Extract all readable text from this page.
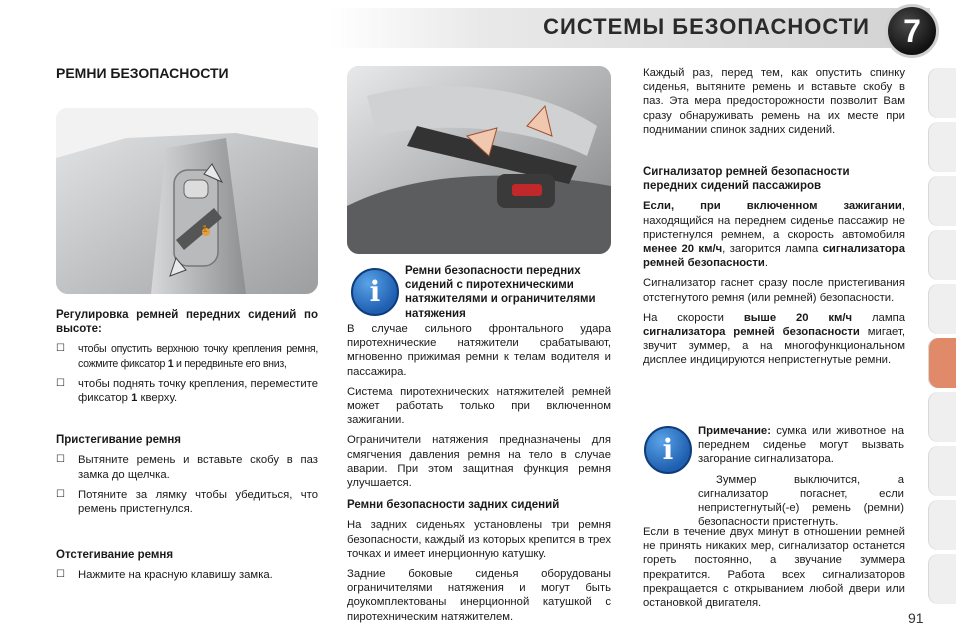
СИСТЕМЫ БЕЗОПАСНОСТИ	7
РЕМНИ БЕЗОПАСНОСТИ
1

Регулировка ремней передних сидений по высоте:

☐ чтобы опустить верхнюю точку крепления ремня, сожмите фиксатор 1 и передвиньте его вниз,
☐ чтобы поднять точку крепления, переместите фиксатор 1 кверху.

Пристегивание ремня

☐ Вытяните ремень и вставьте скобу в паз замка до щелчка.
☐ Потяните за лямку чтобы убедиться, что ремень пристегнулся.

Отстегивание ремня

☐ Нажмите на красную клавишу замка.
i

Ремни безопасности передних сидений с пиротехническими натяжителями и ограничителями натяжения

В случае сильного фронтального удара пиротехнические натяжители срабатывают, мгновенно прижимая ремни к телам водителя и пассажира.

Система пиротехнических натяжителей ремней может работать только при включенном зажигании.

Ограничители натяжения предназначены для смягчения давления ремня на тело в случае аварии. При этом защитная функция ремня улучшается.

Ремни безопасности задних сидений

На задних сиденьях установлены три ремня безопасности, каждый из которых крепится в трех точках и имеет инерционную катушку.

Задние боковые сиденья оборудованы ограничителями натяжения и могут быть доукомплектованы инерционной катушкой с пиротехническим натяжителем.

Каждый раз, перед тем, как опустить спинку сиденья, вытяните ремень и вставьте скобу в паз. Эта мера предосторожности позволит Вам сразу обнаруживать ремень на их месте при поднимании спинок задних сидений.

Сигнализатор ремней безопасности передних сидений пассажиров

Если, при включенном зажигании, находящийся на переднем сиденье пассажир не пристегнулся ремнем, а скорость автомобиля менее 20 км/ч, загорится лампа сигнализатора ремней безопасности.

Сигнализатор гаснет сразу после пристегивания отстегнутого ремня (или ремней) безопасности.

На скорости выше 20 км/ч лампа сигнализатора ремней безопасности мигает, звучит зуммер, а на многофункциональном дисплее индицируются непристегнутые ремни.

i

Примечание: сумка или животное на переднем сиденье могут вызвать загорание сигнализатора.

Зуммер выключится, а сигнализатор погаснет, если непристегнутый(-е) ремень (ремни) безопасности пристегнуть.

Если в течение двух минут в отношении ремней не принять никаких мер, сигнализатор останется гореть постоянно, а звучание зуммера прекратится. Работа всех сигнализаторов прекращается с открыванием любой двери или остановкой двигателя.

91
